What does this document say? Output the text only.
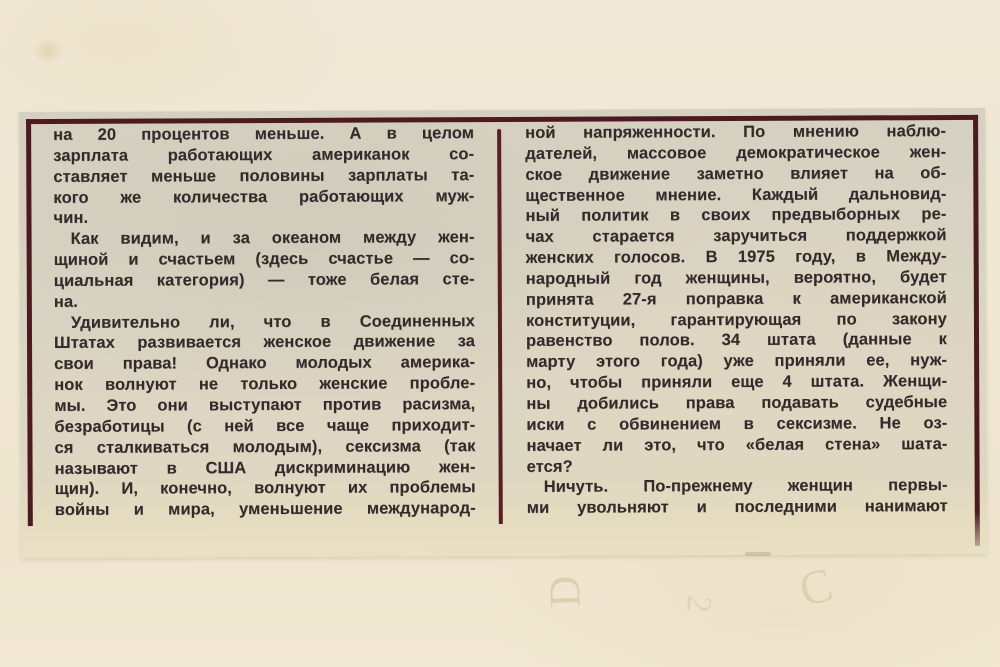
на 20 процентов меньше. А в целом
зарплата работающих американок со-
ставляет меньше половины зарплаты та-
кого же количества работающих муж-
чин.
Как видим, и за океаном между жен-
щиной и счастьем (здесь счастье — со-
циальная категория) — тоже белая сте-
на.
Удивительно ли, что в Соединенных
Штатах развивается женское движение за
свои права! Однако молодых америка-
нок волнуют не только женские пробле-
мы. Это они выступают против расизма,
безработицы (с ней все чаще приходит-
ся сталкиваться молодым), сексизма (так
называют в США дискриминацию жен-
щин). И, конечно, волнуют их проблемы
войны и мира, уменьшение международ-
ной напряженности. По мнению наблю-
дателей, массовое демократическое жен-
ское движение заметно влияет на об-
щественное мнение. Каждый дальновид-
ный политик в своих предвыборных ре-
чах старается заручиться поддержкой
женских голосов. В 1975 году, в Между-
народный год женщины, вероятно, будет
принята 27-я поправка к американской
конституции, гарантирующая по закону
равенство полов. 34 штата (данные к
марту этого года) уже приняли ее, нуж-
но, чтобы приняли еще 4 штата. Женщи-
ны добились права подавать судебные
иски с обвинением в сексизме. Не оз-
начает ли это, что «белая стена» шата-
ется?
Ничуть. По-прежнему женщин первы-
ми увольняют и последними нанимают
D	2 C
